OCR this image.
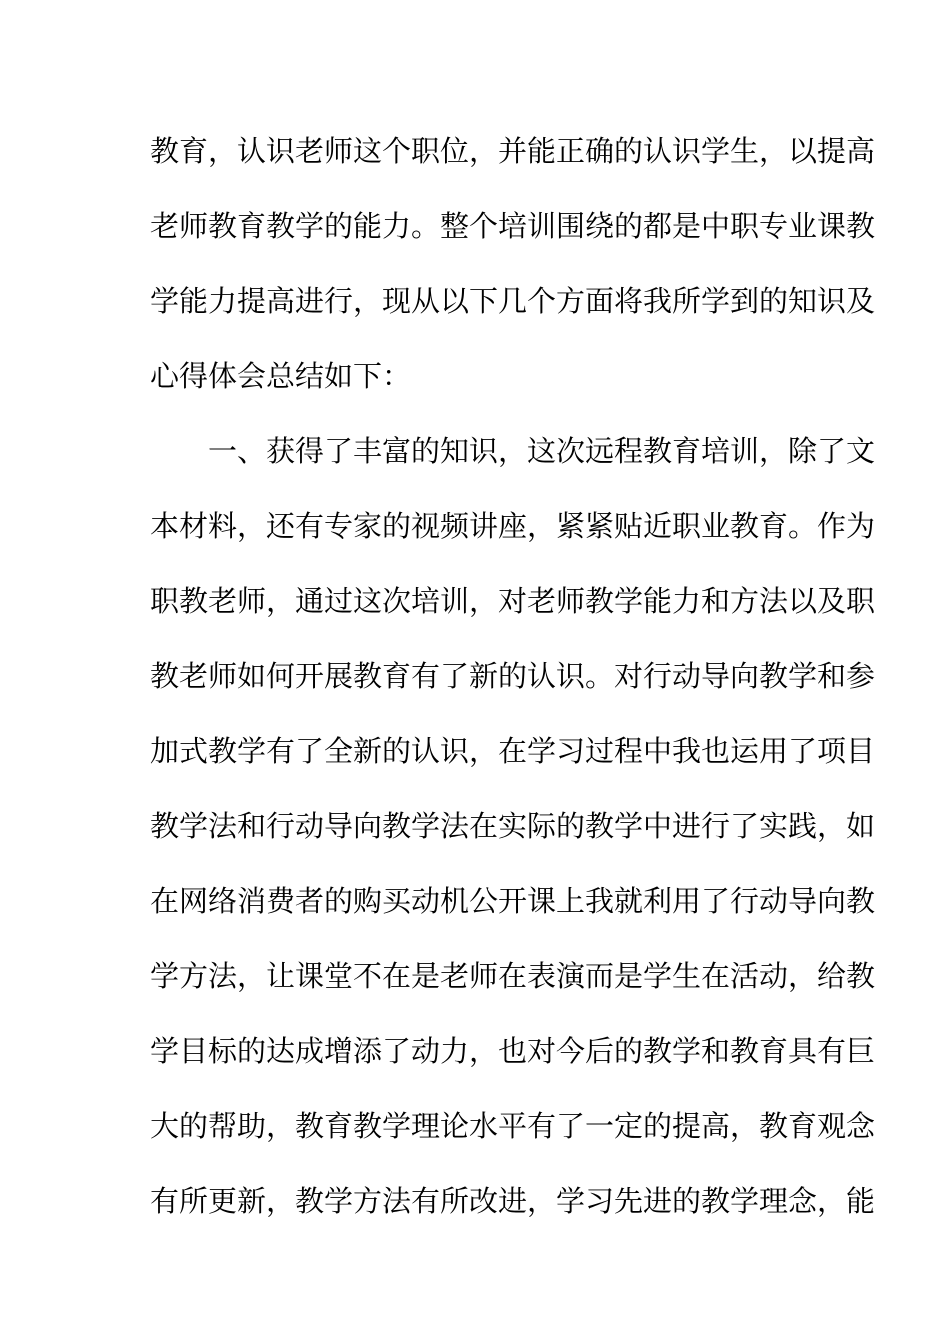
教育，认识老师这个职位，并能正确的认识学生，以提高
老师教育教学的能力。整个培训围绕的都是中职专业课教
学能力提高进行，现从以下几个方面将我所学到的知识及
心得体会总结如下：
　　一、获得了丰富的知识，这次远程教育培训，除了文
本材料，还有专家的视频讲座，紧紧贴近职业教育。作为
职教老师，通过这次培训，对老师教学能力和方法以及职
教老师如何开展教育有了新的认识。对行动导向教学和参
加式教学有了全新的认识，在学习过程中我也运用了项目
教学法和行动导向教学法在实际的教学中进行了实践，如
在网络消费者的购买动机公开课上我就利用了行动导向教
学方法，让课堂不在是老师在表演而是学生在活动，给教
学目标的达成增添了动力，也对今后的教学和教育具有巨
大的帮助，教育教学理论水平有了一定的提高，教育观念
有所更新，教学方法有所改进，学习先进的教学理念，能
